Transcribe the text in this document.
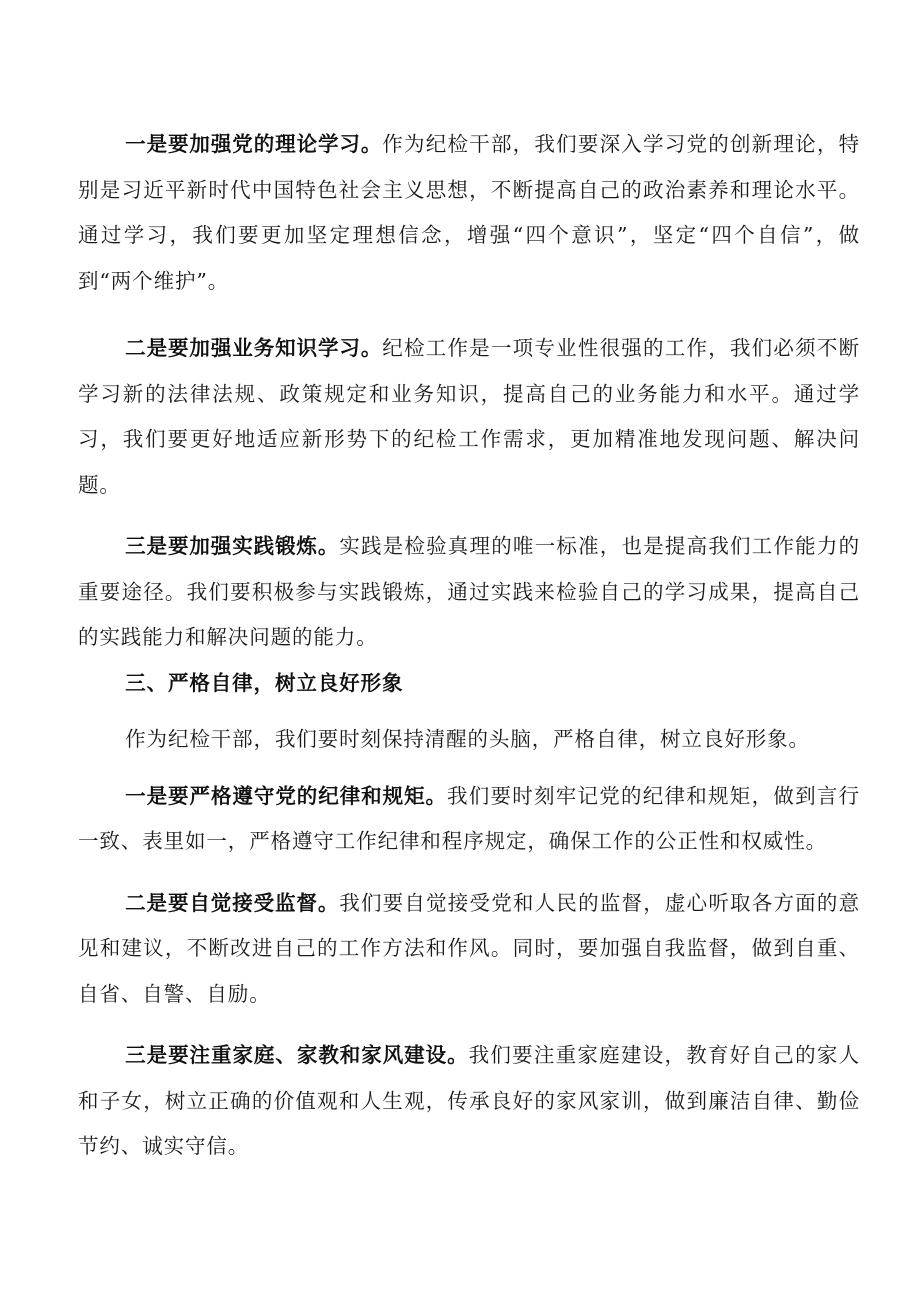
一是要加强党的理论学习。作为纪检干部，我们要深入学习党的创新理论，特别是习近平新时代中国特色社会主义思想，不断提高自己的政治素养和理论水平。通过学习，我们要更加坚定理想信念，增强“四个意识”，坚定“四个自信”，做到“两个维护”。

二是要加强业务知识学习。纪检工作是一项专业性很强的工作，我们必须不断学习新的法律法规、政策规定和业务知识，提高自己的业务能力和水平。通过学习，我们要更好地适应新形势下的纪检工作需求，更加精准地发现问题、解决问题。

三是要加强实践锻炼。实践是检验真理的唯一标准，也是提高我们工作能力的重要途径。我们要积极参与实践锻炼，通过实践来检验自己的学习成果，提高自己的实践能力和解决问题的能力。

三、严格自律，树立良好形象

作为纪检干部，我们要时刻保持清醒的头脑，严格自律，树立良好形象。

一是要严格遵守党的纪律和规矩。我们要时刻牢记党的纪律和规矩，做到言行一致、表里如一，严格遵守工作纪律和程序规定，确保工作的公正性和权威性。

二是要自觉接受监督。我们要自觉接受党和人民的监督，虚心听取各方面的意见和建议，不断改进自己的工作方法和作风。同时，要加强自我监督，做到自重、自省、自警、自励。

三是要注重家庭、家教和家风建设。我们要注重家庭建设，教育好自己的家人和子女，树立正确的价值观和人生观，传承良好的家风家训，做到廉洁自律、勤俭节约、诚实守信。
